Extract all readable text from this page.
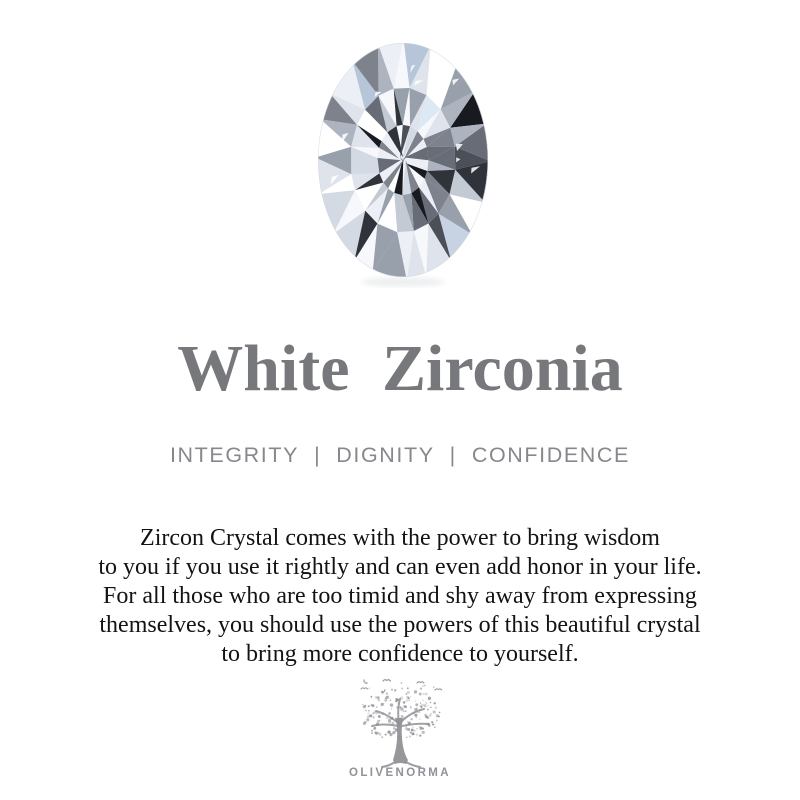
White Zirconia
INTEGRITY | DIGNITY | CONFIDENCE
Zircon Crystal comes with the power to bring wisdom
to you if you use it rightly and can even add honor in your life.
For all those who are too timid and shy away from expressing
themselves, you should use the powers of this beautiful crystal
to bring more confidence to yourself.
OLIVENORMA
